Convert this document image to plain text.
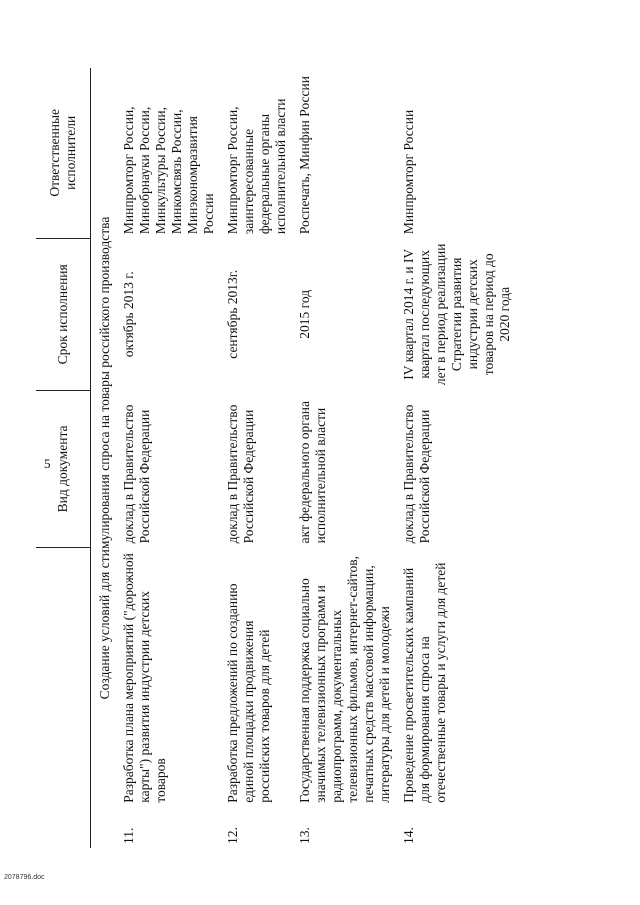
5
2078796.doc
		Вид документа	Срок исполнения	Ответственные исполнители
Создание условий для стимулирования спроса на товары российского производства				
11.	Разработка плана мероприятий ("дорожной карты") развития индустрии детских товаров	доклад в Правительство Российской Федерации	октябрь 2013 г.	Минпромторг России, Минобрнауки России, Минкультуры России, Минкомсвязь России, Минэкономразвития России
12.	Разработка предложений по созданию единой площадки продвижения российских товаров для детей	доклад в Правительство Российской Федерации	сентябрь 2013г.	Минпромторг России, заинтересованные федеральные органы исполнительной власти
13.	Государственная поддержка социально значимых телевизионных программ и радиопрограмм, документальных телевизионных фильмов, интернет-сайтов, печатных средств массовой информации, литературы для детей и молодежи	акт федерального органа исполнительной власти	2015 год	Роспечать, Минфин России
14.	Проведение просветительских кампаний для формирования спроса на отечественные товары и услуги для детей	доклад в Правительство Российской Федерации	IV квартал 2014 г. и IV квартал последующих лет в период реализации Стратегии развития индустрии детских товаров на период до 2020 года	Минпромторг России
